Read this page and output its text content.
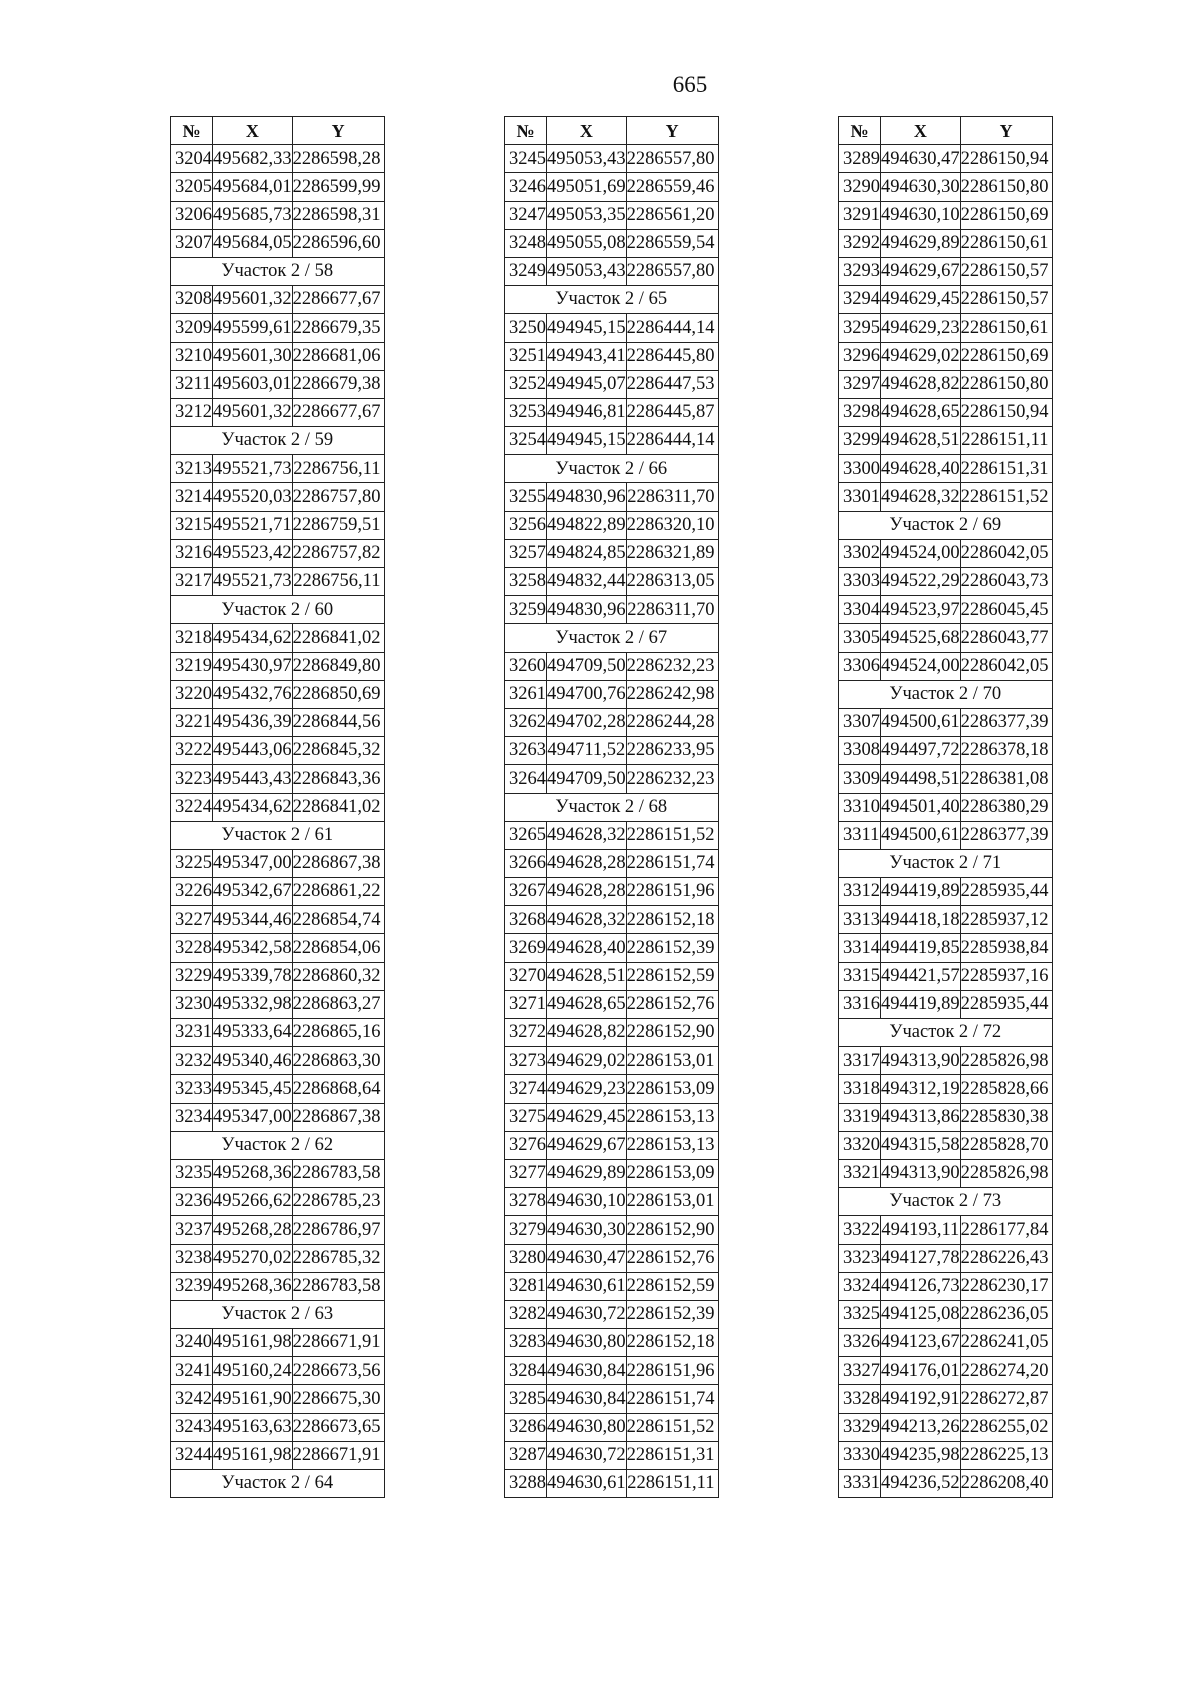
665
№	X	Y
3204	495682,33	2286598,28
3205	495684,01	2286599,99
3206	495685,73	2286598,31
3207	495684,05	2286596,60
Участок 2 / 58		
3208	495601,32	2286677,67
3209	495599,61	2286679,35
3210	495601,30	2286681,06
3211	495603,01	2286679,38
3212	495601,32	2286677,67
Участок 2 / 59		
3213	495521,73	2286756,11
3214	495520,03	2286757,80
3215	495521,71	2286759,51
3216	495523,42	2286757,82
3217	495521,73	2286756,11
Участок 2 / 60		
3218	495434,62	2286841,02
3219	495430,97	2286849,80
3220	495432,76	2286850,69
3221	495436,39	2286844,56
3222	495443,06	2286845,32
3223	495443,43	2286843,36
3224	495434,62	2286841,02
Участок 2 / 61		
3225	495347,00	2286867,38
3226	495342,67	2286861,22
3227	495344,46	2286854,74
3228	495342,58	2286854,06
3229	495339,78	2286860,32
3230	495332,98	2286863,27
3231	495333,64	2286865,16
3232	495340,46	2286863,30
3233	495345,45	2286868,64
3234	495347,00	2286867,38
Участок 2 / 62		
3235	495268,36	2286783,58
3236	495266,62	2286785,23
3237	495268,28	2286786,97
3238	495270,02	2286785,32
3239	495268,36	2286783,58
Участок 2 / 63		
3240	495161,98	2286671,91
3241	495160,24	2286673,56
3242	495161,90	2286675,30
3243	495163,63	2286673,65
3244	495161,98	2286671,91
Участок 2 / 64		
№	X	Y
3245	495053,43	2286557,80
3246	495051,69	2286559,46
3247	495053,35	2286561,20
3248	495055,08	2286559,54
3249	495053,43	2286557,80
Участок 2 / 65		
3250	494945,15	2286444,14
3251	494943,41	2286445,80
3252	494945,07	2286447,53
3253	494946,81	2286445,87
3254	494945,15	2286444,14
Участок 2 / 66		
3255	494830,96	2286311,70
3256	494822,89	2286320,10
3257	494824,85	2286321,89
3258	494832,44	2286313,05
3259	494830,96	2286311,70
Участок 2 / 67		
3260	494709,50	2286232,23
3261	494700,76	2286242,98
3262	494702,28	2286244,28
3263	494711,52	2286233,95
3264	494709,50	2286232,23
Участок 2 / 68		
3265	494628,32	2286151,52
3266	494628,28	2286151,74
3267	494628,28	2286151,96
3268	494628,32	2286152,18
3269	494628,40	2286152,39
3270	494628,51	2286152,59
3271	494628,65	2286152,76
3272	494628,82	2286152,90
3273	494629,02	2286153,01
3274	494629,23	2286153,09
3275	494629,45	2286153,13
3276	494629,67	2286153,13
3277	494629,89	2286153,09
3278	494630,10	2286153,01
3279	494630,30	2286152,90
3280	494630,47	2286152,76
3281	494630,61	2286152,59
3282	494630,72	2286152,39
3283	494630,80	2286152,18
3284	494630,84	2286151,96
3285	494630,84	2286151,74
3286	494630,80	2286151,52
3287	494630,72	2286151,31
3288	494630,61	2286151,11
№	X	Y
3289	494630,47	2286150,94
3290	494630,30	2286150,80
3291	494630,10	2286150,69
3292	494629,89	2286150,61
3293	494629,67	2286150,57
3294	494629,45	2286150,57
3295	494629,23	2286150,61
3296	494629,02	2286150,69
3297	494628,82	2286150,80
3298	494628,65	2286150,94
3299	494628,51	2286151,11
3300	494628,40	2286151,31
3301	494628,32	2286151,52
Участок 2 / 69		
3302	494524,00	2286042,05
3303	494522,29	2286043,73
3304	494523,97	2286045,45
3305	494525,68	2286043,77
3306	494524,00	2286042,05
Участок 2 / 70		
3307	494500,61	2286377,39
3308	494497,72	2286378,18
3309	494498,51	2286381,08
3310	494501,40	2286380,29
3311	494500,61	2286377,39
Участок 2 / 71		
3312	494419,89	2285935,44
3313	494418,18	2285937,12
3314	494419,85	2285938,84
3315	494421,57	2285937,16
3316	494419,89	2285935,44
Участок 2 / 72		
3317	494313,90	2285826,98
3318	494312,19	2285828,66
3319	494313,86	2285830,38
3320	494315,58	2285828,70
3321	494313,90	2285826,98
Участок 2 / 73		
3322	494193,11	2286177,84
3323	494127,78	2286226,43
3324	494126,73	2286230,17
3325	494125,08	2286236,05
3326	494123,67	2286241,05
3327	494176,01	2286274,20
3328	494192,91	2286272,87
3329	494213,26	2286255,02
3330	494235,98	2286225,13
3331	494236,52	2286208,40
